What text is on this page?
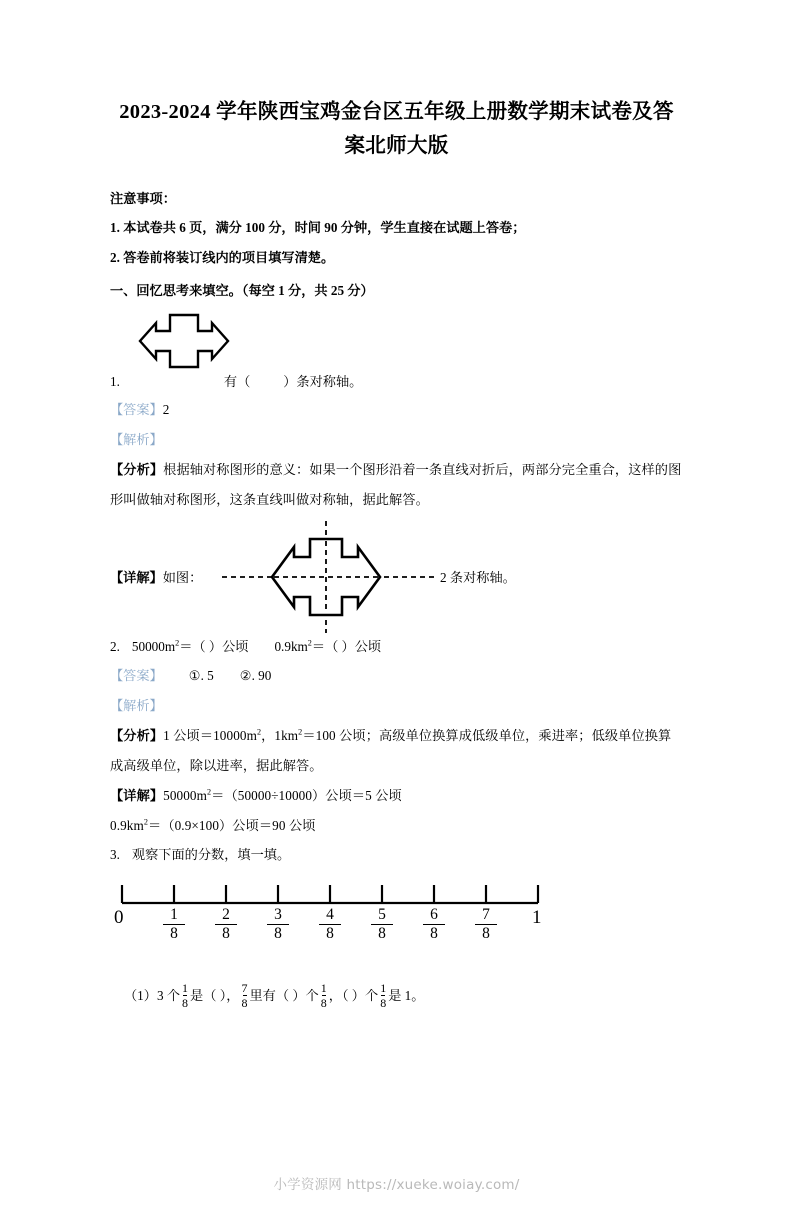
2023-2024 学年陕西宝鸡金台区五年级上册数学期末试卷及答案北师大版
注意事项：
1. 本试卷共 6 页，满分 100 分，时间 90 分钟，学生直接在试题上答卷；
2. 答卷前将装订线内的项目填写清楚。
一、回忆思考来填空。（每空 1 分，共 25 分）
1.	有（          ）条对称轴。
【答案】2
【解析】
【分析】根据轴对称图形的意义：如果一个图形沿着一条直线对折后，两部分完全重合，这样的图形叫做轴对称图形，这条直线叫做对称轴，据此解答。
【详解】如图：	2 条对称轴。
2. $50000m^2=$（ ）公顷 $0.9km^2=$（ ）公顷
【答案】 ①. 5 ②. 90
【解析】
【分析】1 公顷$=10000m^2$，$1km^2=100$ 公顷；高级单位换算成低级单位，乘进率；低级单位换算成高级单位，除以进率，据此解答。
【详解】$50000m^2=(50000\div 10000)$公顷＝5 公顷
$0.9km^2=(0.9\times 100)$公顷＝90 公顷
3. 观察下面的分数，填一填。
0	1
1
8
2
8
3
8
4
8
5
8
6
8
7
8
（1）3 个 $\frac{1}{8}$ 是（ ）， $\frac{7}{8}$ 里有（ ）个 $\frac{1}{8}$ ，（ ）个 $\frac{1}{8}$ 是 1。
小学资源网 https://xueke.woiay.com/
